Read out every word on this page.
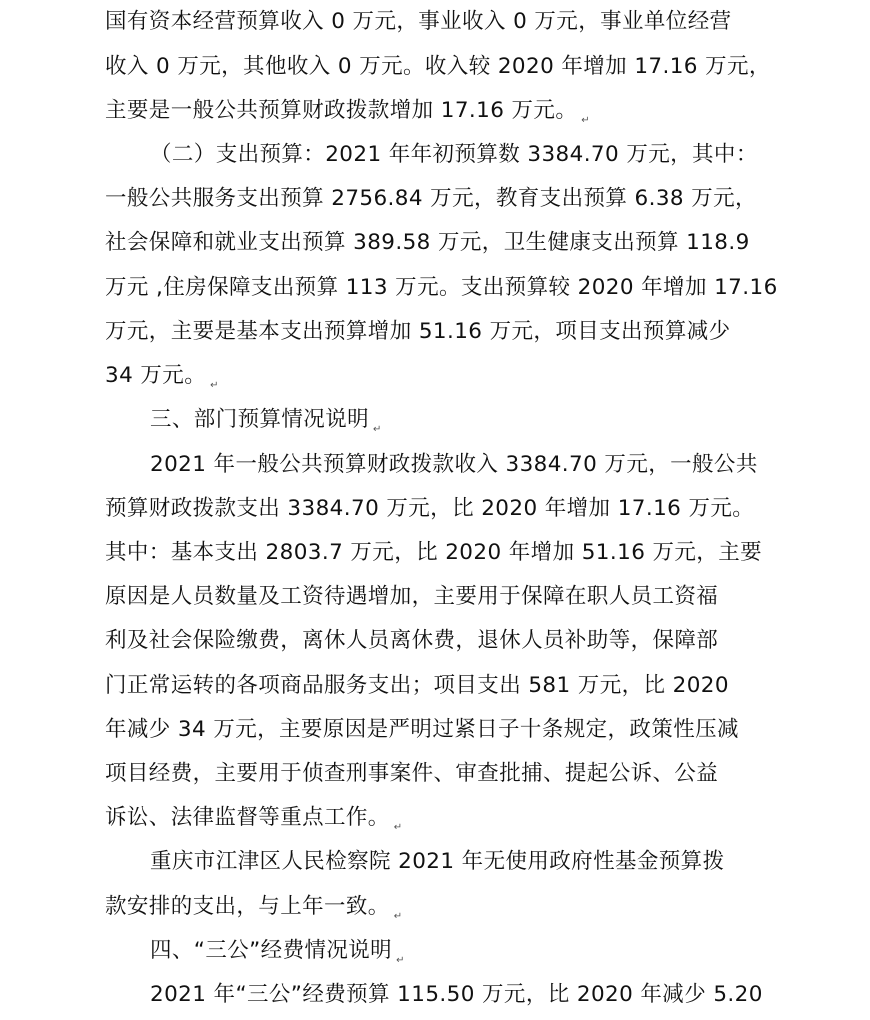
国有资本经营预算收入 0 万元，事业收入 0 万元，事业单位经营
收入 0 万元，其他收入 0 万元。收入较 2020 年增加 17.16 万元，
主要是一般公共预算财政拨款增加 17.16 万元。 ↵
（二）支出预算：2021 年年初预算数 3384.70 万元，其中：
一般公共服务支出预算 2756.84 万元，教育支出预算 6.38 万元，
社会保障和就业支出预算 389.58 万元，卫生健康支出预算 118.9
万元 ,住房保障支出预算 113 万元。支出预算较 2020 年增加 17.16
万元，主要是基本支出预算增加 51.16 万元，项目支出预算减少
34 万元。 ↵
三、部门预算情况说明 ↵
2021 年一般公共预算财政拨款收入 3384.70 万元，一般公共
预算财政拨款支出 3384.70 万元，比 2020 年增加 17.16 万元。
其中：基本支出 2803.7 万元，比 2020 年增加 51.16 万元，主要
原因是人员数量及工资待遇增加，主要用于保障在职人员工资福
利及社会保险缴费，离休人员离休费，退休人员补助等，保障部
门正常运转的各项商品服务支出；项目支出 581 万元，比 2020
年减少 34 万元，主要原因是严明过紧日子十条规定，政策性压减
项目经费，主要用于侦查刑事案件、审查批捕、提起公诉、公益
诉讼、法律监督等重点工作。 ↵
重庆市江津区人民检察院 2021 年无使用政府性基金预算拨
款安排的支出，与上年一致。 ↵
四、“三公”经费情况说明 ↵
2021 年“三公”经费预算 115.50 万元，比 2020 年减少 5.20
